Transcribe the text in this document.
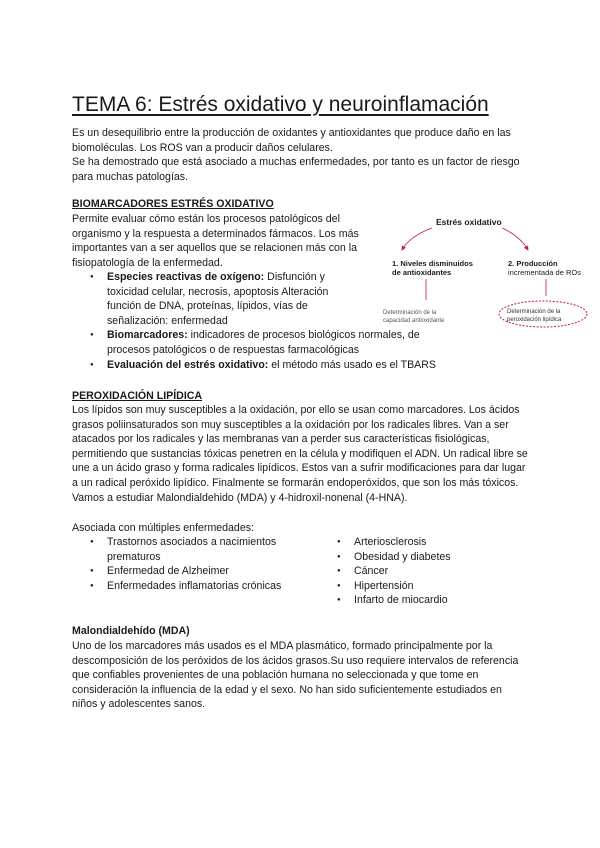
TEMA 6: Estrés oxidativo y neuroinflamación

Es un desequilibrio entre la producción de oxidantes y antioxidantes que produce daño en las biomoléculas. Los ROS van a producir daños celulares.

Se ha demostrado que está asociado a muchas enfermedades, por tanto es un factor de riesgo para muchas patologías.

BIOMARCADORES ESTRÉS OXIDATIVO

Permite evaluar cómo están los procesos patológicos del organismo y la respuesta a determinados fármacos. Los más importantes van a ser aquellos que se relacionen más con la fisiopatología de la enfermedad.

● Especies reactivas de oxígeno: Disfunción y toxicidad celular, necrosis, apoptosis Alteración función de DNA, proteínas, lípidos, vías de señalización: enfermedad
● Biomarcadores: indicadores de procesos biológicos normales, de procesos patológicos o de respuestas farmacológicas
● Evaluación del estrés oxidativo: el método más usado es el TBARS
Estrés oxidativo
1. Niveles disminuidos
de antioxidantes
2. Producción
incrementada de ROs
Determinación de la
capacidad antioxidante
Determinación de la
peroxidación lipídica

PEROXIDACIÓN LIPÍDICA

Los lípidos son muy susceptibles a la oxidación, por ello se usan como marcadores. Los ácidos grasos poliinsaturados son muy susceptibles a la oxidación por los radicales libres. Van a ser atacados por los radicales y las membranas van a perder sus características fisiológicas, permitiendo que sustancias tóxicas penetren en la célula y modifiquen el ADN. Un radical libre se une a un ácido graso y forma radicales lipídicos. Estos van a sufrir modificaciones para dar lugar a un radical peróxido lipídico. Finalmente se formarán endoperóxidos, que son los más tóxicos. Vamos a estudiar Malondialdehido (MDA) y 4-hidroxil-nonenal (4-HNA).

Asociada con múltiples enfermedades:

● Trastornos asociados a nacimientos prematuros
● Enfermedad de Alzheimer
● Enfermedades inflamatorias crónicas
● Arteriosclerosis
● Obesidad y diabetes
● Cáncer
● Hipertensión
● Infarto de miocardio

Malondialdehído (MDA)

Uno de los marcadores más usados es el MDA plasmático, formado principalmente por la descomposición de los peróxidos de los ácidos grasos.Su uso requiere intervalos de referencia que confiables provenientes de una población humana no seleccionada y que tome en consideración la influencia de la edad y el sexo. No han sido suficientemente estudiados en niños y adolescentes sanos.
